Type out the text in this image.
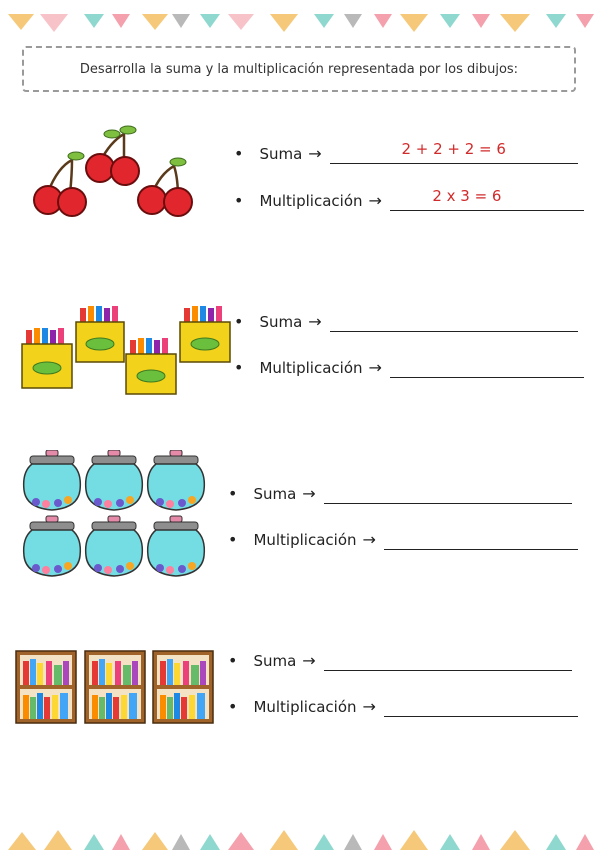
Desarrolla la suma y la multiplicación representada por los dibujos:
• Suma →	2 + 2 + 2 = 6
• Multiplicación →	2 x 3 = 6
• Suma →
• Multiplicación →
• Suma →
• Multiplicación →
• Suma →
• Multiplicación →
